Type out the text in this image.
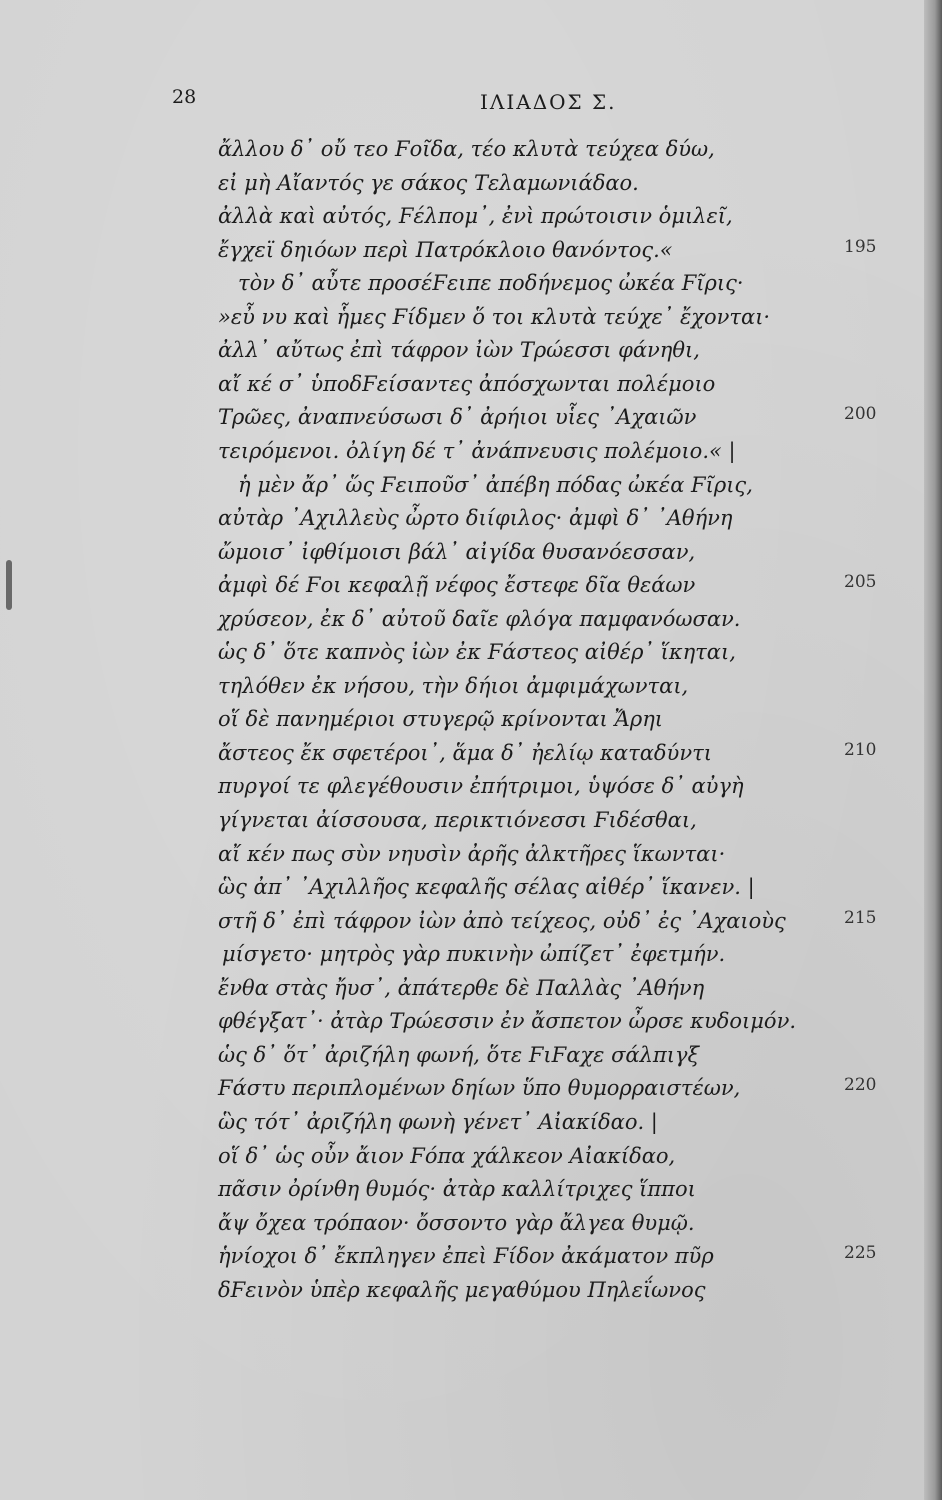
28	ΙΛΙΑΔΟΣ Σ.
ἄλλου δ᾽ οὔ τεο Ϝοῖδα, τέο κλυτὰ τεύχεα δύω,
εἰ μὴ Αἴαντός γε σάκος Τελαμωνιάδαο.
ἀλλὰ καὶ αὐτός, Ϝέλπομ᾽, ἐνὶ πρώτοισιν ὁμιλεῖ,
ἔγχεϊ δηιόων περὶ Πατρόκλοιο θανόντος.«
τὸν δ᾽ αὖτε προσέϜειπε ποδήνεμος ὠκέα Ϝῖρις·
»εὖ νυ καὶ ἧμες Ϝίδμεν ὅ τοι κλυτὰ τεύχε᾽ ἔχονται·
ἀλλ᾽ αὔτως ἐπὶ τάφρον ἰὼν Τρώεσσι φάνηθι,
αἴ κέ σ᾽ ὑποδϜείσαντες ἀπόσχωνται πολέμοιο
Τρῶες, ἀναπνεύσωσι δ᾽ ἀρήιοι υἷες ᾽Αχαιῶν
τειρόμενοι. ὀλίγη δέ τ᾽ ἀνάπνευσις πολέμοιο.« |
ἡ μὲν ἄρ᾽ ὥς Ϝειποῦσ᾽ ἀπέβη πόδας ὠκέα Ϝῖρις,
αὐτὰρ ᾽Αχιλλεὺς ὦρτο διίφιλος· ἀμφὶ δ᾽ ᾽Αθήνη
ὤμοισ᾽ ἰφθίμοισι βάλ᾽ αἰγίδα θυσανόεσσαν,
ἀμφὶ δέ Ϝοι κεφαλῇ νέφος ἔστεφε δῖα θεάων
χρύσεον, ἐκ δ᾽ αὐτοῦ δαῖε φλόγα παμφανόωσαν.
ὡς δ᾽ ὅτε καπνὸς ἰὼν ἐκ Ϝάστεος αἰθέρ᾽ ἵκηται,
τηλόθεν ἐκ νήσου, τὴν δήιοι ἀμφιμάχωνται,
οἵ δὲ πανημέριοι στυγερῷ κρίνονται Ἄρηι
ἄστεος ἔκ σφετέροι᾽, ἅμα δ᾽ ἠελίῳ καταδύντι
πυργοί τε φλεγέθουσιν ἐπήτριμοι, ὑψόσε δ᾽ αὐγὴ
γίγνεται ἀίσσουσα, περικτιόνεσσι Ϝιδέσθαι,
αἴ κέν πως σὺν νηυσὶν ἀρῆς ἀλκτῆρες ἵκωνται·
ὣς ἀπ᾽ ᾽Αχιλλῆος κεφαλῆς σέλας αἰθέρ᾽ ἵκανεν. |
στῆ δ᾽ ἐπὶ τάφρον ἰὼν ἀπὸ τείχεος, οὐδ᾽ ἐς ᾽Αχαιοὺς
μίσγετο· μητρὸς γὰρ πυκινὴν ὠπίζετ᾽ ἐφετμήν.
ἔνθα στὰς ἤυσ᾽, ἀπάτερθε δὲ Παλλὰς ᾽Αθήνη
φθέγξατ᾽· ἀτὰρ Τρώεσσιν ἐν ἄσπετον ὦρσε κυδοιμόν.
ὡς δ᾽ ὅτ᾽ ἀριζήλη φωνή, ὅτε ϜιϜαχε σάλπιγξ
Ϝάστυ περιπλομένων δηίων ὕπο θυμορραιστέων,
ὣς τότ᾽ ἀριζήλη φωνὴ γένετ᾽ Αἰακίδαο. |
οἵ δ᾽ ὡς οὖν ἄιον Ϝόπα χάλκεον Αἰακίδαο,
πᾶσιν ὀρίνθη θυμός· ἀτὰρ καλλίτριχες ἵπποι
ἄψ ὄχεα τρόπαον· ὄσσοντο γὰρ ἄλγεα θυμῷ.
ἡνίοχοι δ᾽ ἔκπληγεν ἐπεὶ Ϝίδον ἀκάματον πῦρ
δϜεινὸν ὑπὲρ κεφαλῆς μεγαθύμου Πηλεΐωνος
195
200
205
210
215
220
225
